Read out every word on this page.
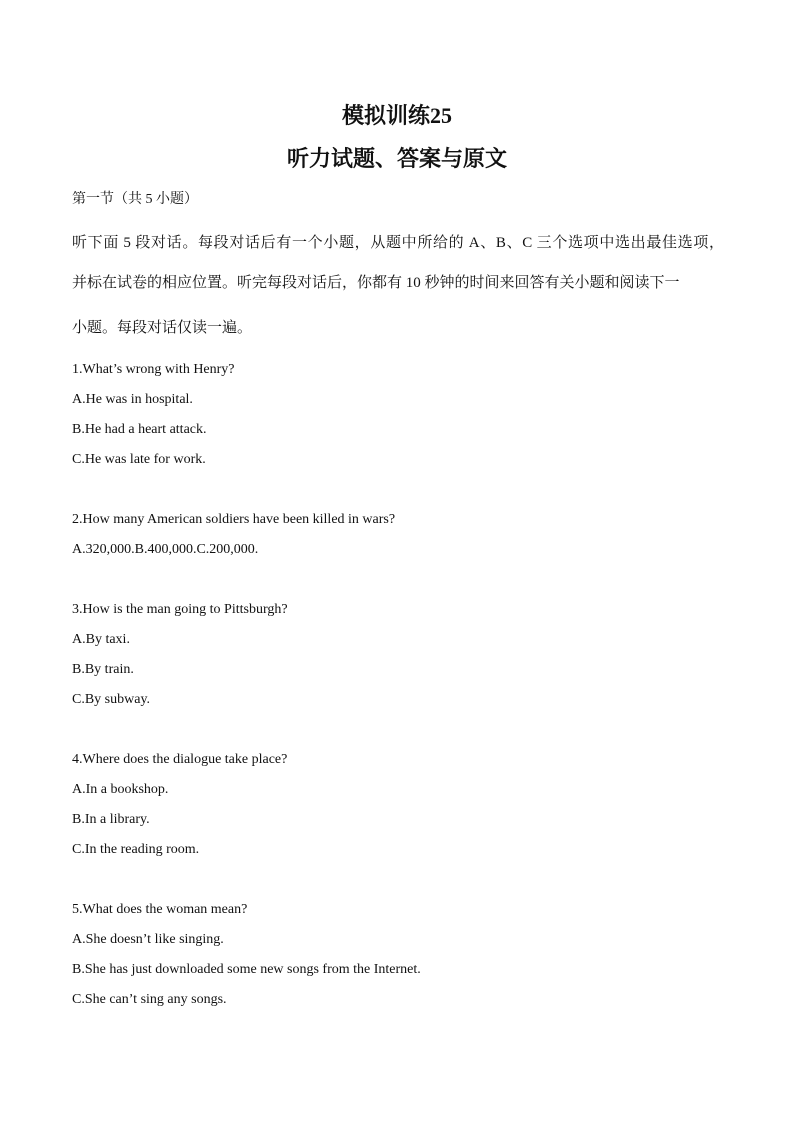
模拟训练25
听力试题、答案与原文
第一节（共 5 小题）
听下面 5 段对话。每段对话后有一个小题，从题中所给的 A、B、C 三个选项中选出最佳选项，
并标在试卷的相应位置。听完每段对话后，你都有 10 秒钟的时间来回答有关小题和阅读下一
小题。每段对话仅读一遍。
1.What’s wrong with Henry?
A.He was in hospital.
B.He had a heart attack.
C.He was late for work.
2.How many American soldiers have been killed in wars?
A.320,000.B.400,000.C.200,000.
3.How is the man going to Pittsburgh?
A.By taxi.
B.By train.
C.By subway.
4.Where does the dialogue take place?
A.In a bookshop.
B.In a library.
C.In the reading room.
5.What does the woman mean?
A.She doesn’t like singing.
B.She has just downloaded some new songs from the Internet.
C.She can’t sing any songs.
